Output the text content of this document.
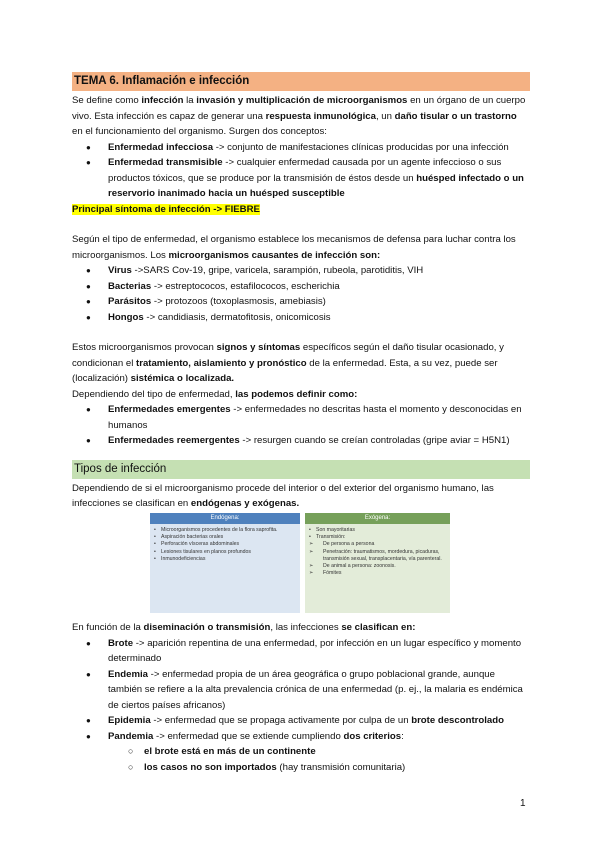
TEMA 6. Inflamación e infección

Se define como infección la invasión y multiplicación de microorganismos en un órgano de un cuerpo vivo. Esta infección es capaz de generar una respuesta inmunológica, un daño tisular o un trastorno en el funcionamiento del organismo. Surgen dos conceptos:

● Enfermedad infecciosa -> conjunto de manifestaciones clínicas producidas por una infección
● Enfermedad transmisible -> cualquier enfermedad causada por un agente infeccioso o sus productos tóxicos, que se produce por la transmisión de éstos desde un huésped infectado o un reservorio inanimado hacia un huésped susceptible

Principal síntoma de infección -> FIEBRE

Según el tipo de enfermedad, el organismo establece los mecanismos de defensa para luchar contra los microorganismos. Los microorganismos causantes de infección son:

● Virus ->SARS Cov-19, gripe, varicela, sarampión, rubeola, parotiditis, VIH
● Bacterias -> estreptococos, estafilococos, escherichia
● Parásitos -> protozoos (toxoplasmosis, amebiasis)
● Hongos -> candidiasis, dermatofitosis, onicomicosis

Estos microorganismos provocan signos y síntomas específicos según el daño tisular ocasionado, y condicionan el tratamiento, aislamiento y pronóstico de la enfermedad. Esta, a su vez, puede ser (localización) sistémica o localizada.

Dependiendo del tipo de enfermedad, las podemos definir como:

● Enfermedades emergentes -> enfermedades no descritas hasta el momento y desconocidas en humanos
● Enfermedades reemergentes -> resurgen cuando se creían controladas (gripe aviar = H5N1)
Tipos de infección

Dependiendo de si el microorganismo procede del interior o del exterior del organismo humano, las infecciones se clasifican en endógenas y exógenas.

Endógena:
• Microorganismos procedentes de la flora saprofita.
• Aspiración bacterias orales
• Perforación vísceras abdominales
• Lesiones tisulares en planos profundos
• Inmunodeficiencias
Exógena:
• Son mayoritarias
• Transmisión:
➢ De persona a persona
➢ Penetración: traumatismos, mordedura, picaduras, transmisión sexual, transplacentaria, vía parenteral.
➢ De animal a persona: zoonosis.
➢ Fómites

En función de la diseminación o transmisión, las infecciones se clasifican en:

● Brote -> aparición repentina de una enfermedad, por infección en un lugar específico y momento determinado
● Endemia -> enfermedad propia de un área geográfica o grupo poblacional grande, aunque también se refiere a la alta prevalencia crónica de una enfermedad (p. ej., la malaria es endémica de ciertos países africanos)
● Epidemia -> enfermedad que se propaga activamente por culpa de un brote descontrolado
● Pandemia -> enfermedad que se extiende cumpliendo dos criterios:
○ el brote está en más de un continente
○ los casos no son importados (hay transmisión comunitaria)
1
